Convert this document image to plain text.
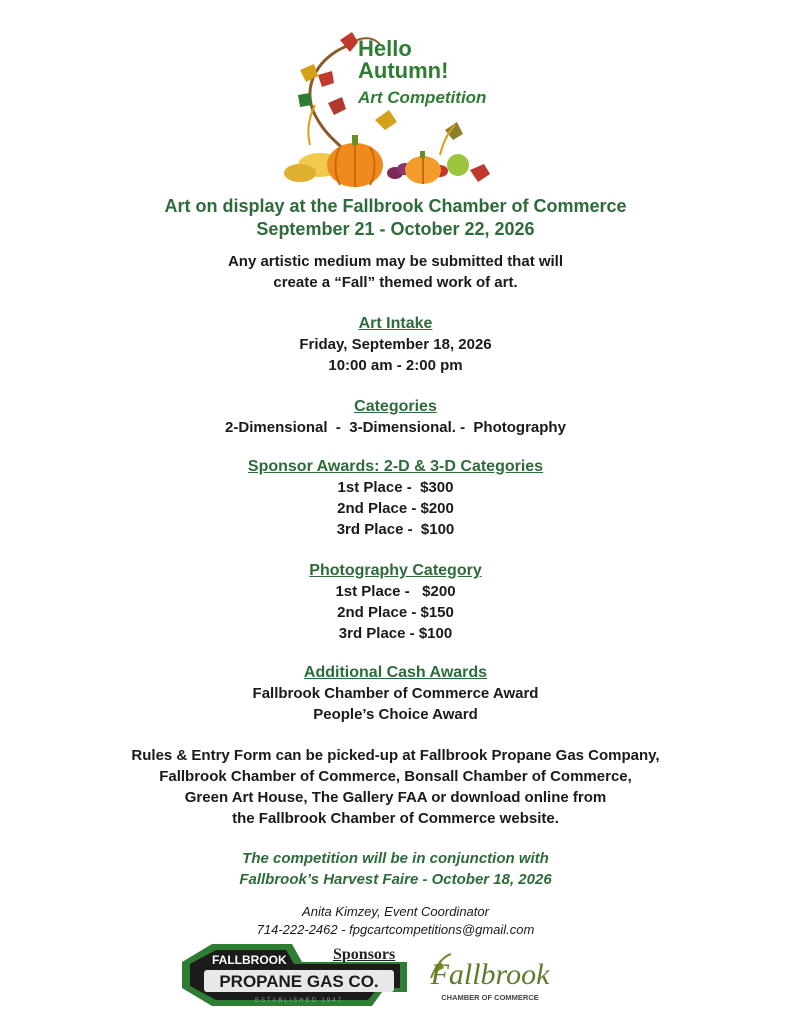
Hello
Autumn!
Art Competition
Art on display at the Fallbrook Chamber of Commerce
September 21 - October 22, 2026
Any artistic medium may be submitted that will
create a “Fall” themed work of art.
Art Intake
Friday, September 18, 2026
10:00 am - 2:00 pm
Categories
2-Dimensional  -  3-Dimensional. -  Photography
Sponsor Awards: 2-D & 3-D Categories
1st Place -  $300
2nd Place - $200
3rd Place -  $100
Photography Category
1st Place -   $200
2nd Place - $150
3rd Place - $100
Additional Cash Awards
Fallbrook Chamber of Commerce Award
People’s Choice Award
Rules & Entry Form can be picked-up at Fallbrook Propane Gas Company,
Fallbrook Chamber of Commerce, Bonsall Chamber of Commerce,
Green Art House, The Gallery FAA or download online from
the Fallbrook Chamber of Commerce website.
The competition will be in conjunction with
Fallbrook’s Harvest Faire - October 18, 2026
Anita Kimzey, Event Coordinator
714-222-2462 - fpgcartcompetitions@gmail.com
Sponsors
FALLBROOK
PROPANE GAS CO.
ESTABLISHED 1947
Fallbrook
CHAMBER OF COMMERCE
